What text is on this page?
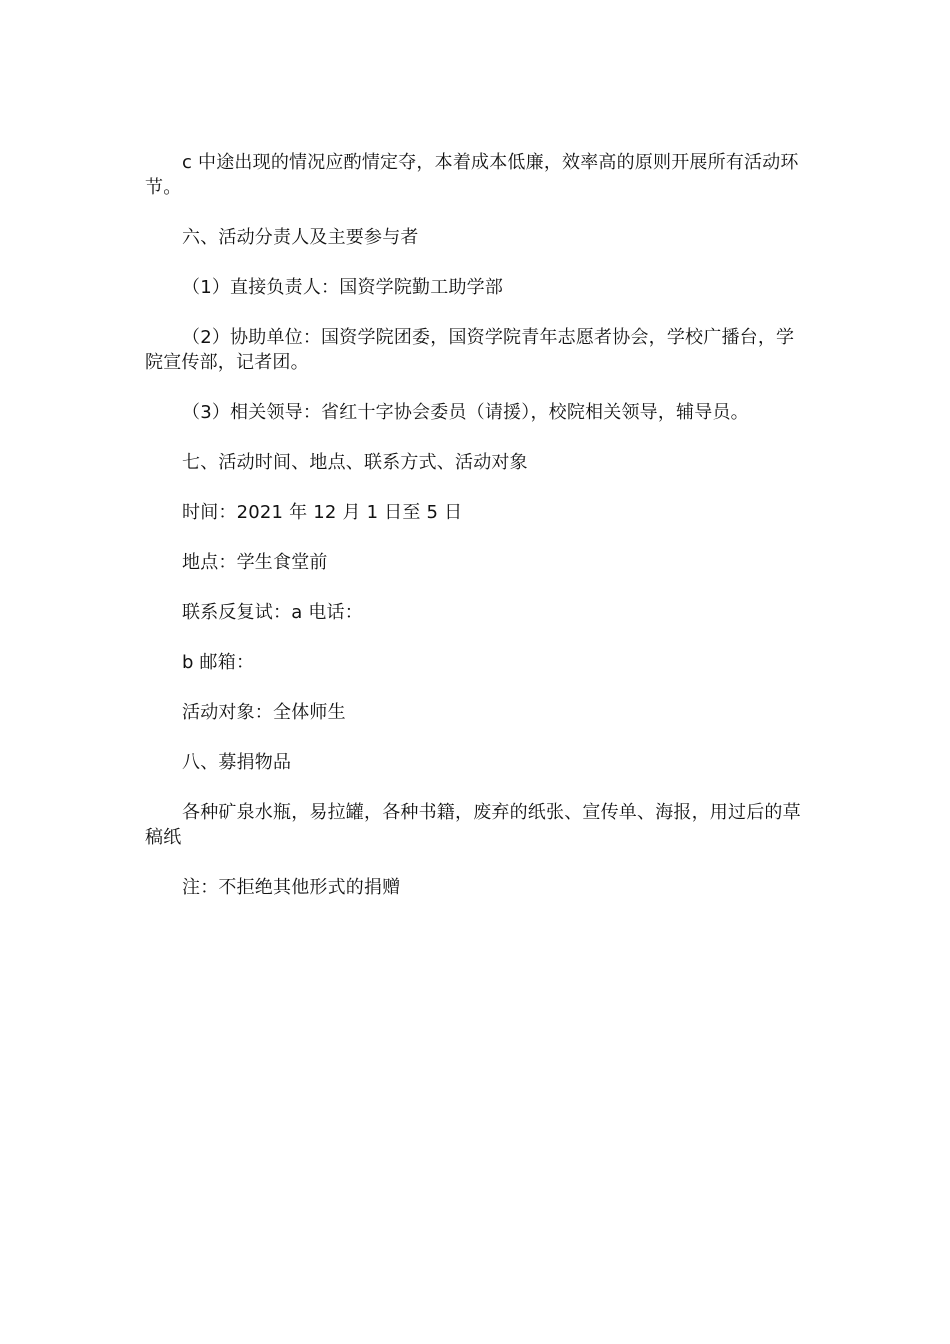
c 中途出现的情况应酌情定夺，本着成本低廉，效率高的原则开展所有活动环节。

六、活动分责人及主要参与者

（1）直接负责人：国资学院勤工助学部

（2）协助单位：国资学院团委，国资学院青年志愿者协会，学校广播台，学院宣传部，记者团。

（3）相关领导：省红十字协会委员（请援），校院相关领导，辅导员。

七、活动时间、地点、联系方式、活动对象

时间：2021 年 12 月 1 日至 5 日

地点：学生食堂前

联系反复试：a 电话：

b 邮箱：

活动对象：全体师生

八、募捐物品

各种矿泉水瓶，易拉罐，各种书籍，废弃的纸张、宣传单、海报，用过后的草稿纸

注：不拒绝其他形式的捐赠
